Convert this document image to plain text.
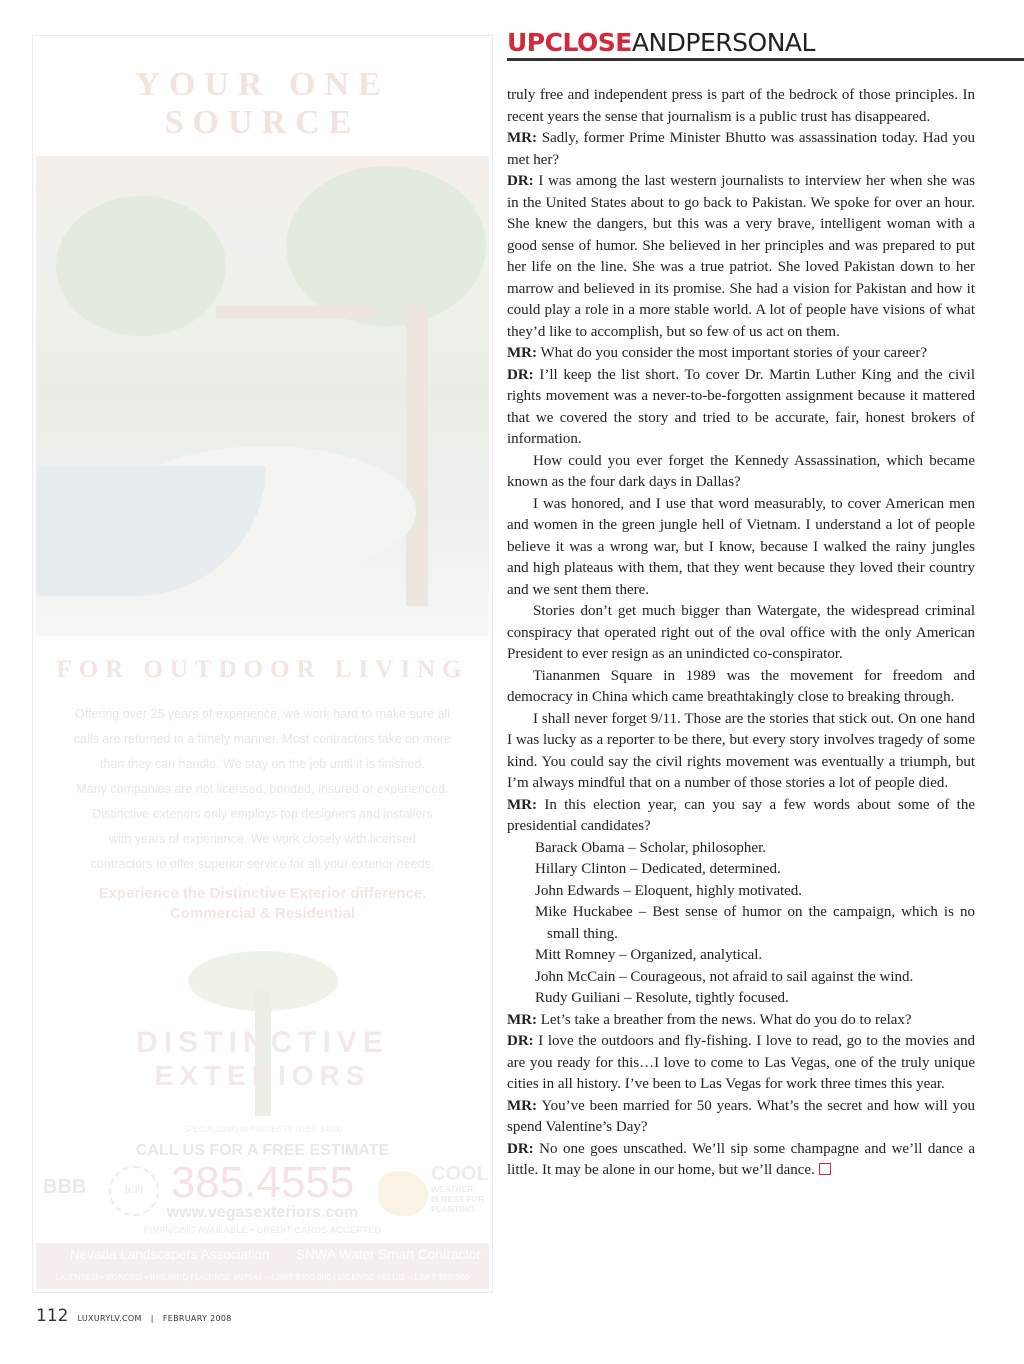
YOUR ONE SOURCE
FOR OUTDOOR LIVING
Offering over 25 years of experience, we work hard to make sure all
calls are returned in a timely manner. Most contractors take on more
than they can handle. We stay on the job until it is finished.
Many companies are not licensed, bonded, insured or experienced.
Distinctive exteriors only employs top designers and installers
with years of experience. We work closely with licensed
contractors to offer superior service for all your exterior needs.
Experience the Distinctive Exterior difference.
Commercial & Residential
DISTINCTIVE
EXTERIORS
SPECIALIZING IN PROJECTS OVER $4000
CALL US FOR A FREE ESTIMATE
BBB	ICPI 385.4555	COOL
WEATHER
IS BEST FOR
PLANTING
www.vegasexteriors.com
FINANCING AVAILABLE • CREDIT CARDS ACCEPTED
Nevada Landscapers Association SNWA Water Smart Contractor
LICENSED • BONDED • INSURED | LICENSE #57541 – LIMIT $300,000 | LICENSE #65132 – LIMIT $50,000
UPCLOSEANDPERSONAL

truly free and independent press is part of the bedrock of those principles. In recent years the sense that journalism is a public trust has disappeared.

MR: Sadly, former Prime Minister Bhutto was assassination today. Had you met her?

DR: I was among the last western journalists to interview her when she was in the United States about to go back to Pakistan. We spoke for over an hour. She knew the dangers, but this was a very brave, intelligent woman with a good sense of humor. She believed in her principles and was prepared to put her life on the line. She was a true patriot. She loved Pakistan down to her marrow and believed in its promise. She had a vision for Pakistan and how it could play a role in a more stable world. A lot of people have visions of what they’d like to accomplish, but so few of us act on them.

MR: What do you consider the most important stories of your career?

DR: I’ll keep the list short. To cover Dr. Martin Luther King and the civil rights movement was a never-to-be-forgotten assignment because it mattered that we covered the story and tried to be accurate, fair, honest brokers of information.

How could you ever forget the Kennedy Assassination, which became known as the four dark days in Dallas?

I was honored, and I use that word measurably, to cover American men and women in the green jungle hell of Vietnam. I understand a lot of people believe it was a wrong war, but I know, because I walked the rainy jungles and high plateaus with them, that they went because they loved their country and we sent them there.

Stories don’t get much bigger than Watergate, the widespread criminal conspiracy that operated right out of the oval office with the only American President to ever resign as an unindicted co-conspirator.

Tiananmen Square in 1989 was the movement for freedom and democracy in China which came breathtakingly close to breaking through.

I shall never forget 9/11. Those are the stories that stick out. On one hand I was lucky as a reporter to be there, but every story involves tragedy of some kind. You could say the civil rights movement was eventually a triumph, but I’m always mindful that on a number of those stories a lot of people died.

MR: In this election year, can you say a few words about some of the presidential candidates?

Barack Obama – Scholar, philosopher.

Hillary Clinton – Dedicated, determined.

John Edwards – Eloquent, highly motivated.

Mike Huckabee – Best sense of humor on the campaign, which is no small thing.

Mitt Romney – Organized, analytical.

John McCain – Courageous, not afraid to sail against the wind.

Rudy Guiliani – Resolute, tightly focused.

MR: Let’s take a breather from the news. What do you do to relax?

DR: I love the outdoors and fly-fishing. I love to read, go to the movies and are you ready for this…I love to come to Las Vegas, one of the truly unique cities in all history. I’ve been to Las Vegas for work three times this year.

MR: You’ve been married for 50 years. What’s the secret and how will you spend Valentine’s Day?

DR: No one goes unscathed. We’ll sip some champagne and we’ll dance a little. It may be alone in our home, but we’ll dance.

112 LUXURYLV.COM | FEBRUARY 2008
